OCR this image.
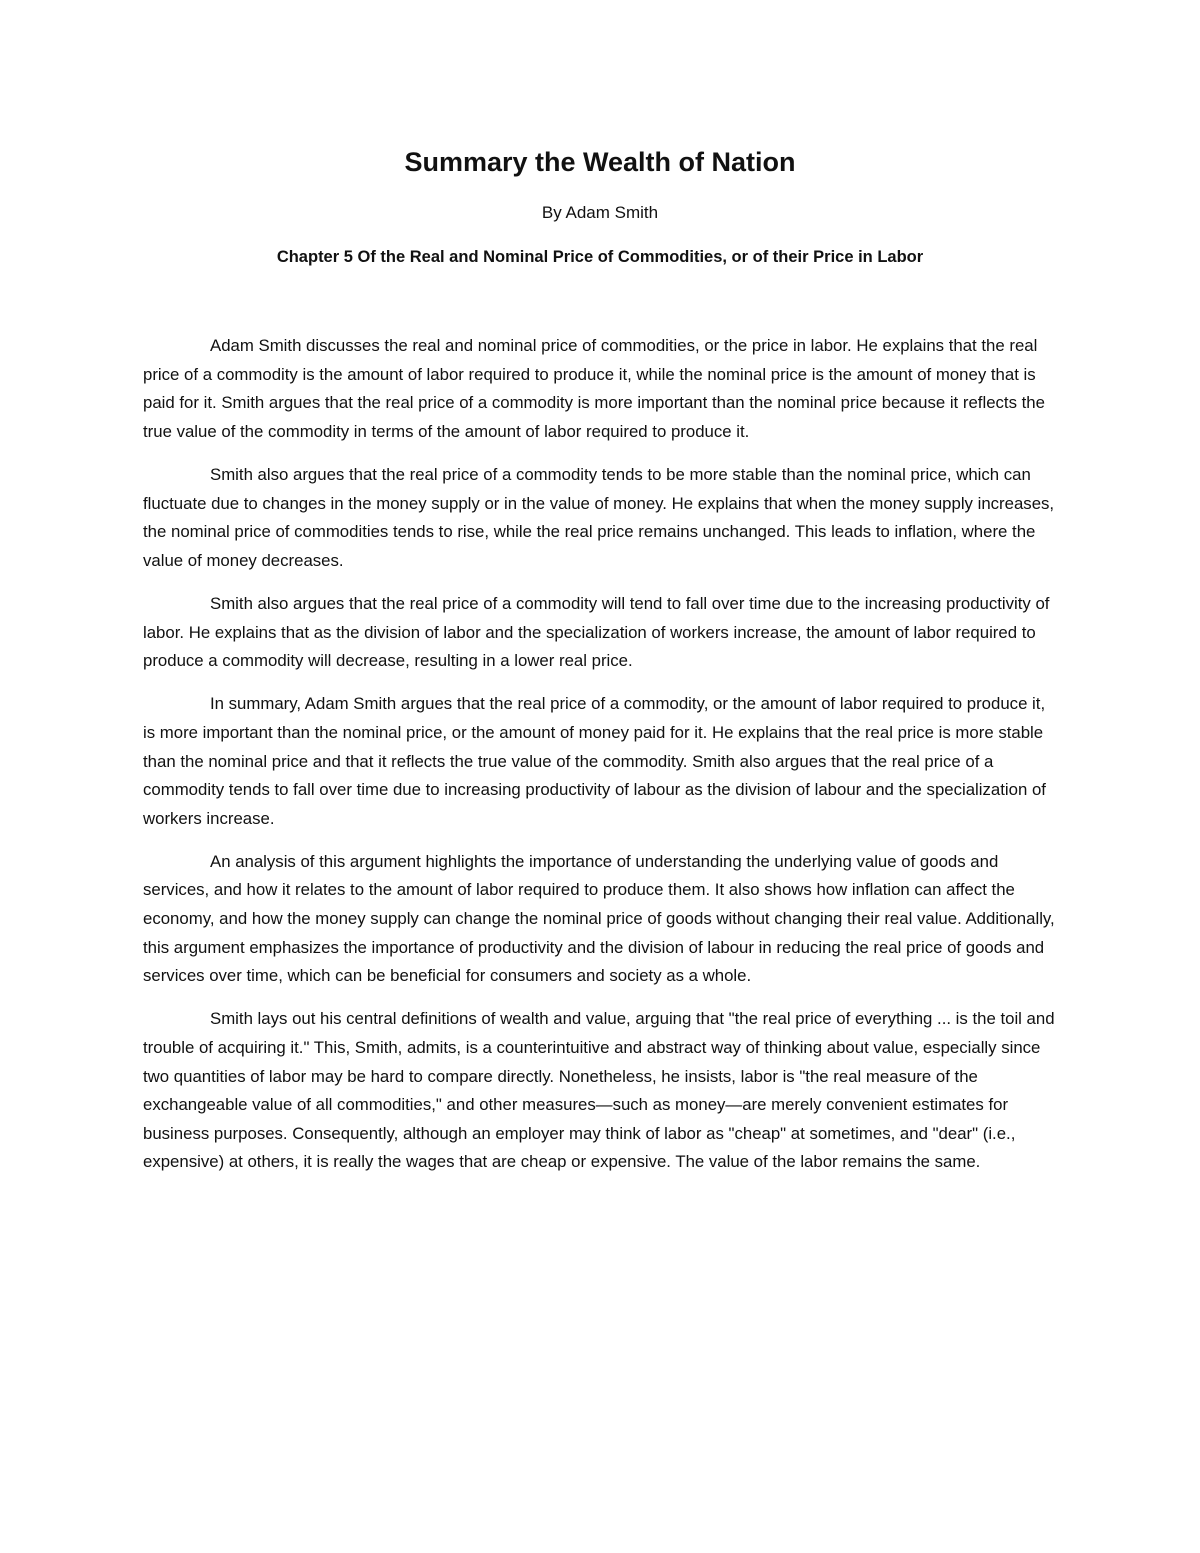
Summary the Wealth of Nation
By Adam Smith
Chapter 5 Of the Real and Nominal Price of Commodities, or of their Price in Labor

Adam Smith discusses the real and nominal price of commodities, or the price in labor. He explains that the real price of a commodity is the amount of labor required to produce it, while the nominal price is the amount of money that is paid for it. Smith argues that the real price of a commodity is more important than the nominal price because it reflects the true value of the commodity in terms of the amount of labor required to produce it.

Smith also argues that the real price of a commodity tends to be more stable than the nominal price, which can fluctuate due to changes in the money supply or in the value of money. He explains that when the money supply increases, the nominal price of commodities tends to rise, while the real price remains unchanged. This leads to inflation, where the value of money decreases.

Smith also argues that the real price of a commodity will tend to fall over time due to the increasing productivity of labor. He explains that as the division of labor and the specialization of workers increase, the amount of labor required to produce a commodity will decrease, resulting in a lower real price.

In summary, Adam Smith argues that the real price of a commodity, or the amount of labor required to produce it, is more important than the nominal price, or the amount of money paid for it. He explains that the real price is more stable than the nominal price and that it reflects the true value of the commodity. Smith also argues that the real price of a commodity tends to fall over time due to increasing productivity of labour as the division of labour and the specialization of workers increase.

An analysis of this argument highlights the importance of understanding the underlying value of goods and services, and how it relates to the amount of labor required to produce them. It also shows how inflation can affect the economy, and how the money supply can change the nominal price of goods without changing their real value. Additionally, this argument emphasizes the importance of productivity and the division of labour in reducing the real price of goods and services over time, which can be beneficial for consumers and society as a whole.

Smith lays out his central definitions of wealth and value, arguing that "the real price of everything ... is the toil and trouble of acquiring it." This, Smith, admits, is a counterintuitive and abstract way of thinking about value, especially since two quantities of labor may be hard to compare directly. Nonetheless, he insists, labor is "the real measure of the exchangeable value of all commodities," and other measures—such as money—are merely convenient estimates for business purposes. Consequently, although an employer may think of labor as "cheap" at sometimes, and "dear" (i.e., expensive) at others, it is really the wages that are cheap or expensive. The value of the labor remains the same.
